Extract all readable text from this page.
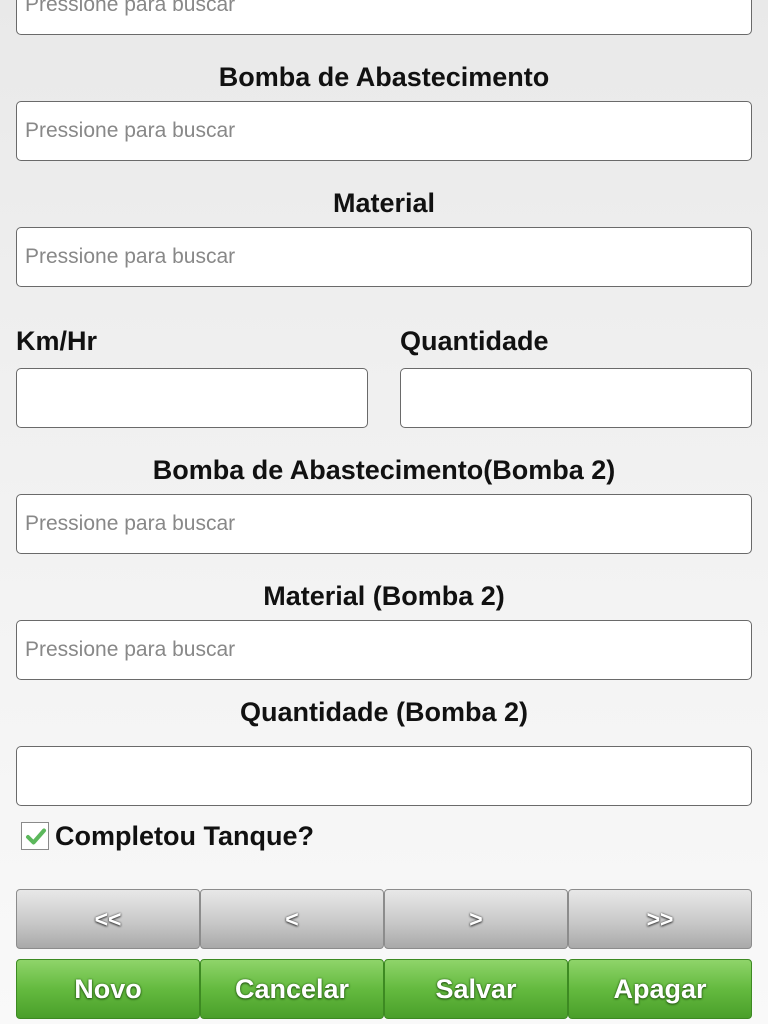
Pressione para buscar
Bomba de Abastecimento
Pressione para buscar
Material
Pressione para buscar
Km/Hr	Quantidade
Bomba de Abastecimento(Bomba 2)
Pressione para buscar
Material (Bomba 2)
Pressione para buscar
Quantidade (Bomba 2)
Completou Tanque?
<<	<	>	>>
Novo	Cancelar	Salvar	Apagar
